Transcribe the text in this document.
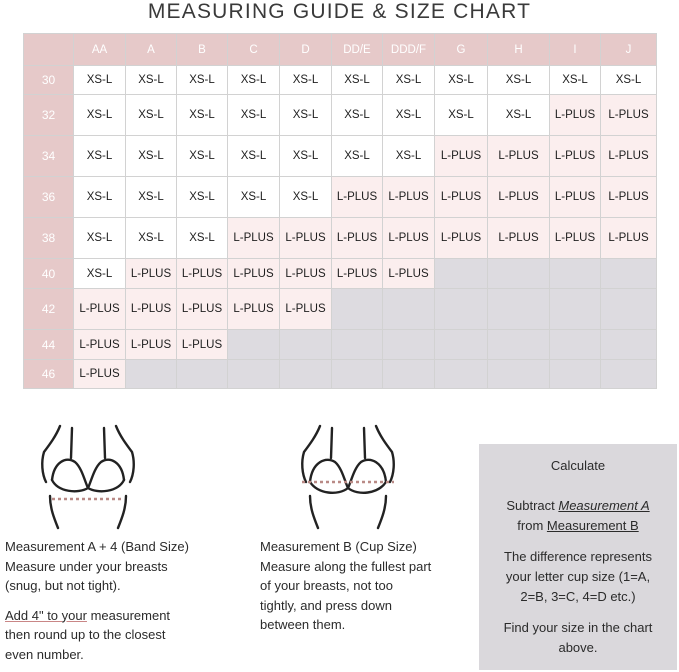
MEASURING GUIDE & SIZE CHART
	AA	A	B	C	D	DD/E	DDD/F	G	H	I	J
30	XS-L	XS-L	XS-L	XS-L	XS-L	XS-L	XS-L	XS-L	XS-L	XS-L	XS-L
32	XS-L	XS-L	XS-L	XS-L	XS-L	XS-L	XS-L	XS-L	XS-L	L-PLUS	L-PLUS
34	XS-L	XS-L	XS-L	XS-L	XS-L	XS-L	XS-L	L-PLUS	L-PLUS	L-PLUS	L-PLUS
36	XS-L	XS-L	XS-L	XS-L	XS-L	L-PLUS	L-PLUS	L-PLUS	L-PLUS	L-PLUS	L-PLUS
38	XS-L	XS-L	XS-L	L-PLUS	L-PLUS	L-PLUS	L-PLUS	L-PLUS	L-PLUS	L-PLUS	L-PLUS
40	XS-L	L-PLUS	L-PLUS	L-PLUS	L-PLUS	L-PLUS	L-PLUS				
42	L-PLUS	L-PLUS	L-PLUS	L-PLUS	L-PLUS						
44	L-PLUS	L-PLUS	L-PLUS								
46	L-PLUS										
Measurement A + 4 (Band Size)
Measure under your breasts
(snug, but not tight).
Add 4" to your measurement
then round up to the closest
even number.
Measurement B (Cup Size)
Measure along the fullest part
of your breasts, not too
tightly, and press down
between them.
Calculate

Subtract Measurement A
from Measurement B

The difference represents
your letter cup size (1=A,
2=B, 3=C, 4=D etc.)

Find your size in the chart
above.
